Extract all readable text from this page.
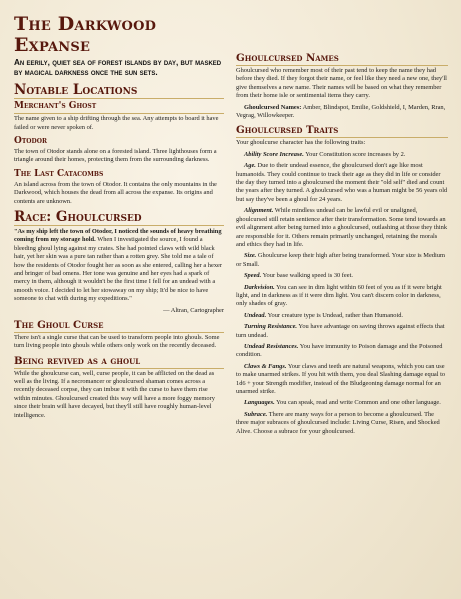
The Darkwood Expanse
An eerily, quiet sea of forest islands by day, but masked by magical darkness once the sun sets.
Notable Locations
Merchant's Ghost

The name given to a ship drifting through the sea. Any attempts to board it have failed or were never spoken of.

Otodor

The town of Otodor stands alone on a forested island. Three lighthouses form a triangle around their homes, protecting them from the surrounding darkness.

The Last Catacombs

An island across from the town of Otodor. It contains the only mountains in the Darkwood, which houses the dead from all across the expanse. Its origins and contents are unknown.

Race: Ghoulcursed

"As my ship left the town of Otodor, I noticed the sounds of heavy breathing coming from my storage hold. When I investigated the source, I found a bleeding ghoul lying against my crates. She had pointed claws with wild black hair, yet her skin was a pure tan rather than a rotten grey. She told me a tale of how the residents of Otodor fought her as soon as she entered, calling her a hexer and bringer of bad omens. Her tone was genuine and her eyes had a spark of mercy in them, although it wouldn't be the first time I fell for an undead with a smooth voice. I decided to let her stowaway on my ship; It'd be nice to have someone to chat with during my expeditions."

— Altran, Cartographer
The Ghoul Curse

There isn't a single curse that can be used to transform people into ghouls. Some turn living people into ghouls while others only work on the recently deceased.

Being revived as a ghoul

While the ghoulcurse can, well, curse people, it can be afflicted on the dead as well as the living. If a necromancer or ghoulcursed shaman comes across a recently deceased corpse, they can imbue it with the curse to have them rise within minutes. Ghoulcursed created this way will have a more foggy memory since their brain will have decayed, but they'll still have roughly human-level intelligence.

Ghoulcursed Names

Ghoulcursed who remember most of their past tend to keep the name they had before they died. If they forgot their name, or feel like they need a new one, they'll give themselves a new name. Their names will be based on what they remember from their home isle or sentimental items they carry.

Ghoulcursed Names: Amber, Blindspot, Emilie, Goldshield, I, Marden, Rran, Vegrag, Willowkeeper.

Ghoulcursed Traits

Your ghoulcurse character has the following traits:

Ability Score Increase. Your Constitution score increases by 2.

Age. Due to their undead essence, the ghoulcursed don't age like most humanoids. They could continue to track their age as they did in life or consider the day they turned into a ghoulcursed the moment their "old self" died and count the years after they turned. A ghoulcursed who was a human might be 56 years old but say they've been a ghoul for 24 years.

Alignment. While mindless undead can be lawful evil or unaligned, ghoulcursed still retain sentience after their transformation. Some tend towards an evil alignment after being turned into a ghoulcursed, outlashing at those they think are responsible for it. Others remain primarily unchanged, retaining the morals and ethics they had in life.

Size. Ghoulcurse keep their high after being transformed. Your size is Medium or Small.

Speed. Your base walking speed is 30 feet.

Darkvision. You can see in dim light within 60 feet of you as if it were bright light, and in darkness as if it were dim light. You can't discern color in darkness, only shades of gray.

Undead. Your creature type is Undead, rather than Humanoid.

Turning Resistance. You have advantage on saving throws against effects that turn undead.

Undead Resistances. You have immunity to Poison damage and the Poisoned condition.

Claws & Fangs. Your claws and teeth are natural weapons, which you can use to make unarmed strikes. If you hit with them, you deal Slashing damage equal to 1d6 + your Strength modifier, instead of the Bludgeoning damage normal for an unarmed strike.

Languages. You can speak, read and write Common and one other language.

Subrace. There are many ways for a person to become a ghoulcursed. The three major subraces of ghoulcursed include: Living Curse, Risen, and Shocked Alive. Choose a subrace for your ghoulcursed.
